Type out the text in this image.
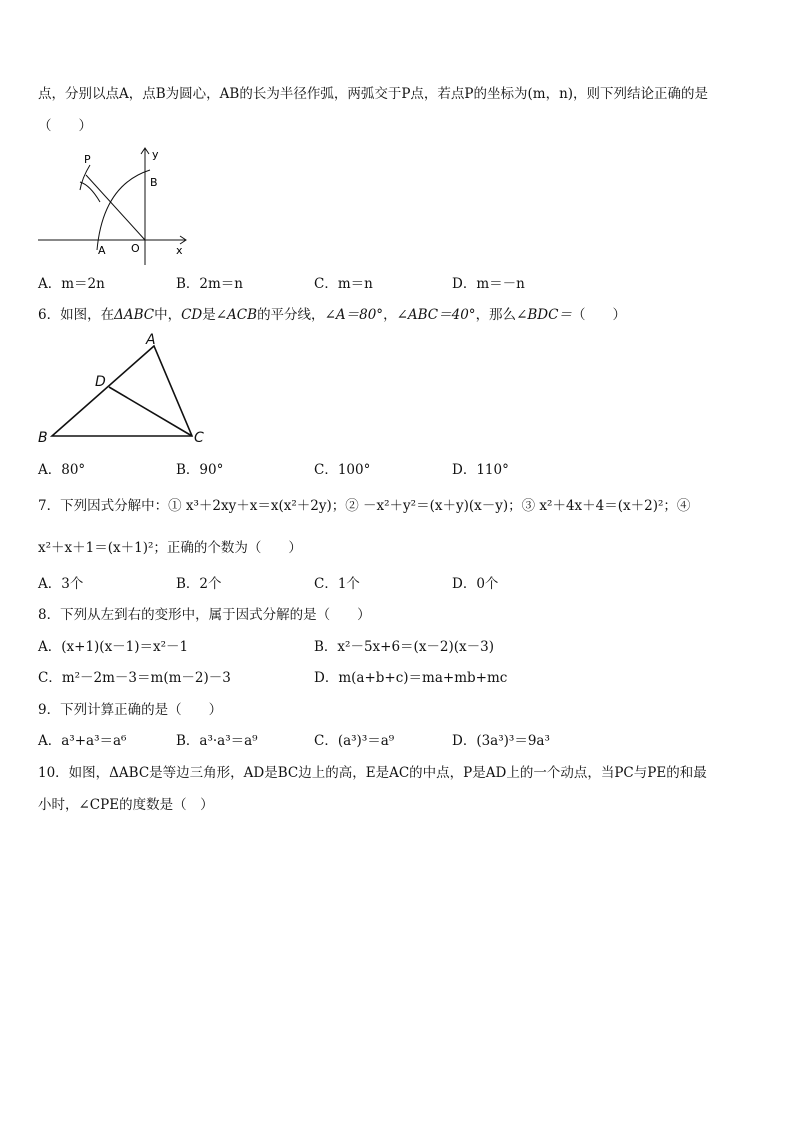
点，分别以点A，点B为圆心，AB的长为半径作弧，两弧交于P点，若点P的坐标为(m，n)，则下列结论正确的是
（　　）
P	y
B
A O	x
A．m＝2n	B．2m＝n	C．m＝n	D．m＝－n
6．如图，在ΔABC中，CD是∠ACB的平分线，∠A＝80°，∠ABC＝40°，那么∠BDC＝（　　）
A
D
B	C
A．80°	B．90°	C．100°	D．110°
7．下列因式分解中：① x³＋2xy＋x＝x(x²＋2y)；② －x²＋y²＝(x＋y)(x－y)；③ x²＋4x＋4＝(x＋2)²；④
x²＋x＋1＝(x＋1)²；正确的个数为（　　）
A．3个	B．2个	C．1个	D．0个
8．下列从左到右的变形中，属于因式分解的是（　　）
A．(x+1)(x－1)＝x²－1	B．x²－5x+6＝(x－2)(x－3)
C．m²－2m－3＝m(m－2)－3	D．m(a+b+c)＝ma+mb+mc
9．下列计算正确的是（　　）
A．a³+a³＝a⁶	B．a³·a³＝a⁹	C．(a³)³＝a⁹	D．(3a³)³＝9a³
10．如图，ΔABC是等边三角形，AD是BC边上的高，E是AC的中点，P是AD上的一个动点，当PC与PE的和最
小时，∠CPE的度数是（　）
